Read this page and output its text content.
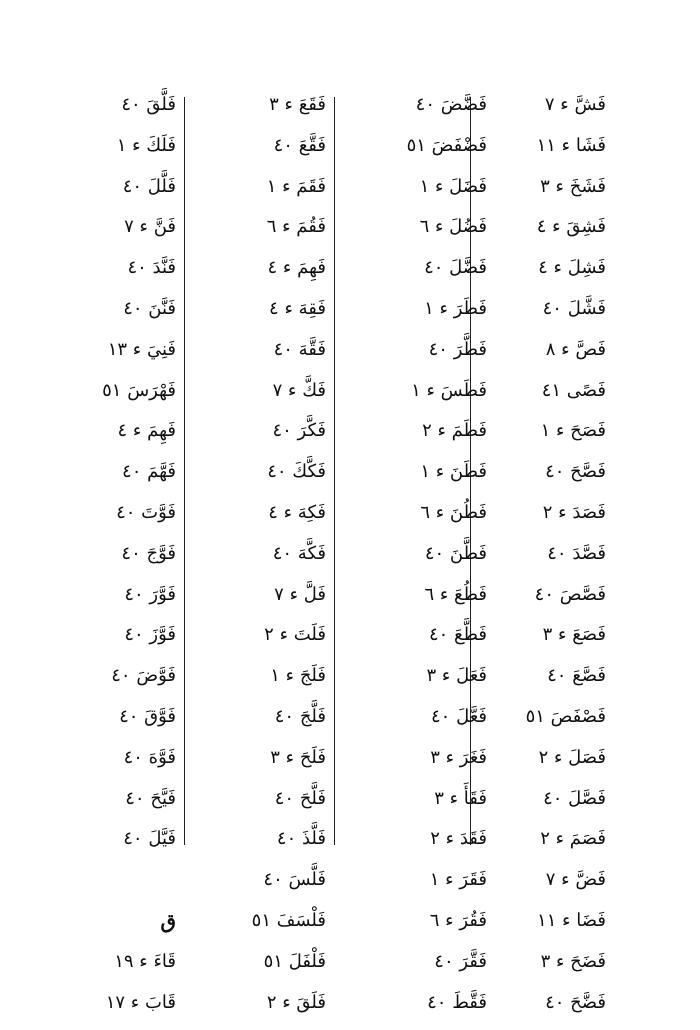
فَشَّ ء ٧
فَشَا ء ١١
فَشَخَ ء ٣
فَشِقَ ء ٤
فَشِلَ ء ٤
فَشَّلَ ٤٠
فَصَّ ء ٨
فَصًى ٤١
فَصَحَ ء ١
فَصَّحَ ٤٠
فَصَدَ ء ٢
فَصَّدَ ٤٠
فَصَّصَ ٤٠
فَصَعَ ء ٣
فَصَّعَ ٤٠
فَصْفَصَ ٥١
فَصَلَ ء ٢
فَصَّلَ ٤٠
فَصَمَ ء ٢
فَضَّ ء ٧
فَضَا ء ١١
فَضَحَ ء ٣
فَضَّحَ ٤٠
فَضَّضَ ٤٠
فَضْفَضَ ٥١
فَضَلَ ء ١
فَضُلَ ء ٦
فَضَّلَ ٤٠
فَطَرَ ء ١
فَطَّرَ ٤٠
فَطَسَ ء ١
فَطَمَ ء ٢
فَطَنَ ء ١
فَطُنَ ء ٦
فَطَّنَ ٤٠
فَظُعَ ء ٦
فَظَّعَ ٤٠
فَعَلَ ء ٣
فَعَّلَ ٤٠
فَغَرَ ء ٣
فَقَأَ ء ٣
فَقَدَ ء ٢
فَقَرَ ء ١
فَقُرَ ء ٦
فَقَّرَ ٤٠
فَقَّطَ ٤٠
فَقَعَ ء ٣
فَقَّعَ ٤٠
فَقَمَ ء ١
فَقُمَ ء ٦
فَهِمَ ء ٤
فَقِهَ ء ٤
فَقَّهَ ٤٠
فَكَّ ء ٧
فَكَّرَ ٤٠
فَكَّكَ ٤٠
فَكِهَ ء ٤
فَكَّهَ ٤٠
فَلَّ ء ٧
فَلَتَ ء ٢
فَلَجَ ء ١
فَلَّجَ ٤٠
فَلَحَ ء ٣
فَلَّحَ ٤٠
فَلَّذَ ٤٠
فَلَّسَ ٤٠
فَلْسَفَ ٥١
فَلْفَلَ ٥١
فَلَقَ ء ٢
فَلَّقَ ٤٠
فَلَكَ ء ١
فَلَّلَ ٤٠
فَنَّ ء ٧
فَنَّدَ ٤٠
فَنَّنَ ٤٠
فَنِيَ ء ١٣
فَهْرَسَ ٥١
فَهِمَ ء ٤
فَهَّمَ ٤٠
فَوَّتَ ٤٠
فَوَّجَ ٤٠
فَوَّرَ ٤٠
فَوَّزَ ٤٠
فَوَّضَ ٤٠
فَوَّقَ ٤٠
فَوَّهَ ٤٠
فَيَّحَ ٤٠
فَيَّلَ ٤٠
ق
قَاءَ ء ١٩
قَابَ ء ١٧
